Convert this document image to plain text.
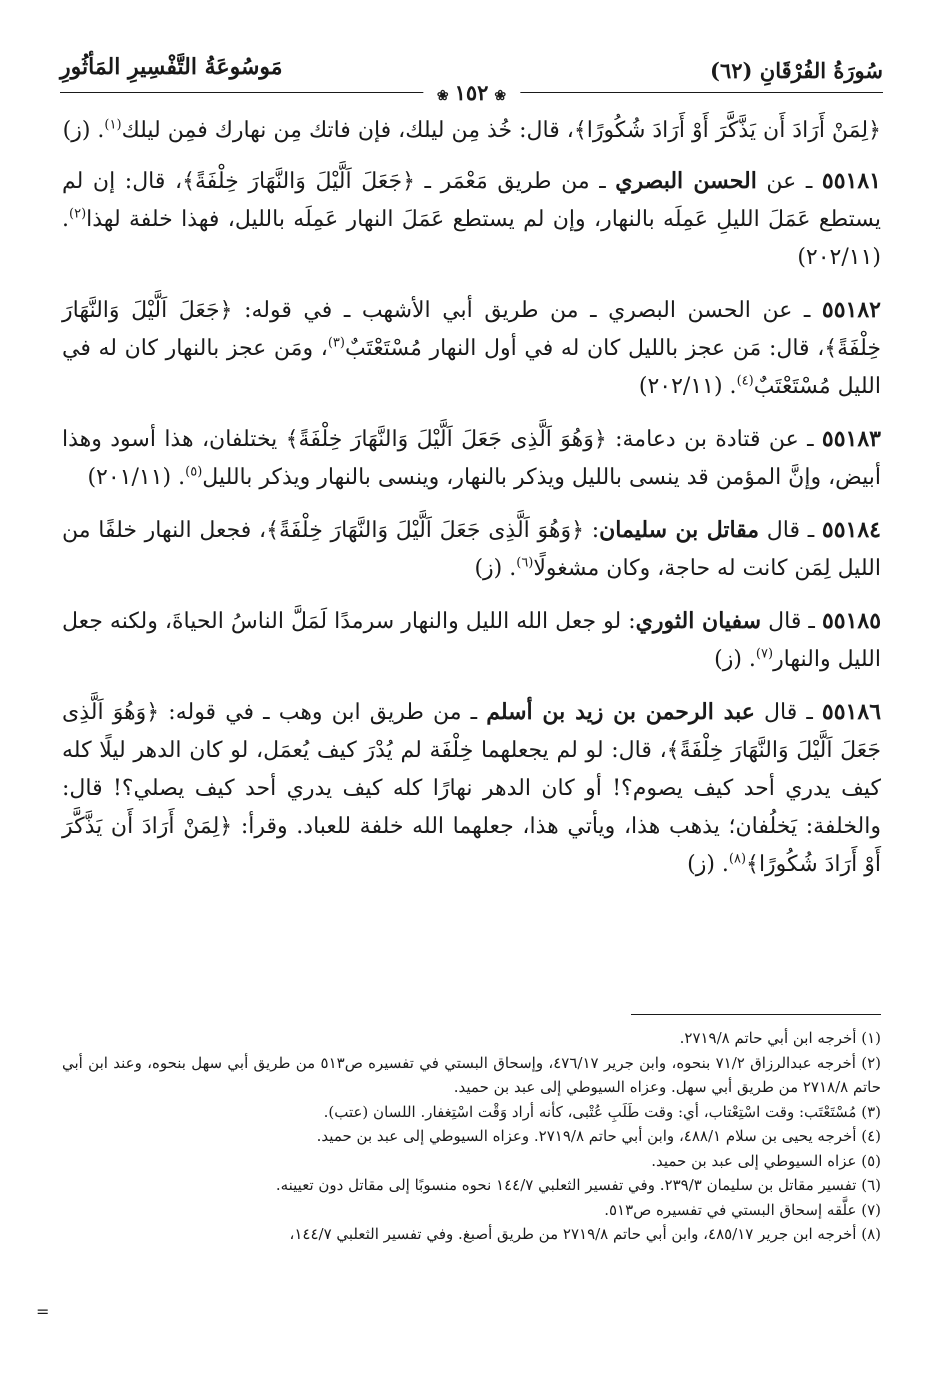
سُورَةُ الفُرْقَانِ (٦٢)
مَوسُوعَةُ التَّفْسِيرِ المَأثُورِ
❀ ١٥٢ ❀

﴿لِمَنْ أَرَادَ أَن يَذَّكَّرَ أَوْ أَرَادَ شُكُورًا﴾، قال: خُذ مِن ليلك، فإن فاتك مِن نهارك فمِن ليلك$^{(١)}$. (ز)

٥٥١٨١ ـ عن الحسن البصري ـ من طريق مَعْمَر ـ ﴿جَعَلَ اَلَّيْلَ وَالنَّهَارَ خِلْفَةً﴾، قال: إن لم يستطع عَمَلَ الليلِ عَمِلَه بالنهار، وإن لم يستطع عَمَلَ النهار عَمِلَه بالليل، فهذا خلفة لهذا$^{(٢)}$. (٢٠٢/١١)

٥٥١٨٢ ـ عن الحسن البصري ـ من طريق أبي الأشهب ـ في قوله: ﴿جَعَلَ اَلَّيْلَ وَالنَّهَارَ خِلْفَةً﴾، قال: مَن عجز بالليل كان له في أول النهار مُسْتَعْتَبٌ$^{(٣)}$، ومَن عجز بالنهار كان له في الليل مُسْتَعْتَبٌ$^{(٤)}$. (٢٠٢/١١)

٥٥١٨٣ ـ عن قتادة بن دعامة: ﴿وَهُوَ اَلَّذِى جَعَلَ اَلَّيْلَ وَالنَّهَارَ خِلْفَةً﴾ يختلفان، هذا أسود وهذا أبيض، وإنَّ المؤمن قد ينسى بالليل ويذكر بالنهار، وينسى بالنهار ويذكر بالليل$^{(٥)}$. (٢٠١/١١)

٥٥١٨٤ ـ قال مقاتل بن سليمان: ﴿وَهُوَ اَلَّذِى جَعَلَ اَلَّيْلَ وَالنَّهَارَ خِلْفَةً﴾، فجعل النهار خلفًا من الليل لِمَن كانت له حاجة، وكان مشغولًا$^{(٦)}$. (ز)

٥٥١٨٥ ـ قال سفيان الثوري: لو جعل الله الليل والنهار سرمدًا لَمَلَّ الناسُ الحياةَ، ولكنه جعل الليل والنهار$^{(٧)}$. (ز)

٥٥١٨٦ ـ قال عبد الرحمن بن زيد بن أسلم ـ من طريق ابن وهب ـ في قوله: ﴿وَهُوَ اَلَّذِى جَعَلَ اَلَّيْلَ وَالنَّهَارَ خِلْفَةً﴾، قال: لو لم يجعلهما خِلْفَة لم يُدْرَ كيف يُعمَل، لو كان الدهر ليلًا كله كيف يدري أحد كيف يصوم؟! أو كان الدهر نهارًا كله كيف يدري أحد كيف يصلي؟! قال: والخلفة: يَخلُفان؛ يذهب هذا، ويأتي هذا، جعلهما الله خلفة للعباد. وقرأ: ﴿لِمَنْ أَرَادَ أَن يَذَّكَّرَ أَوْ أَرَادَ شُكُورًا﴾$^{(٨)}$. (ز)

(١) أخرجه ابن أبي حاتم ٢٧١٩/٨.

(٢) أخرجه عبدالرزاق ٧١/٢ بنحوه، وابن جرير ٤٧٦/١٧، وإسحاق البستي في تفسيره ص٥١٣ من طريق أبي سهل بنحوه، وعند ابن أبي حاتم ٢٧١٨/٨ من طريق أبي سهل. وعزاه السيوطي إلى عبد بن حميد.

(٣) مُسْتَعْتَب: وقت اسْتِعْتاب، أي: وقت طَلَبِ عُتْبى، كأنه أراد وَقْت اسْتِغفار. اللسان (عتب).

(٤) أخرجه يحيى بن سلام ٤٨٨/١، وابن أبي حاتم ٢٧١٩/٨. وعزاه السيوطي إلى عبد بن حميد.

(٥) عزاه السيوطي إلى عبد بن حميد.

(٦) تفسير مقاتل بن سليمان ٢٣٩/٣. وفي تفسير الثعلبي ١٤٤/٧ نحوه منسوبًا إلى مقاتل دون تعيينه.

(٧) علَّقه إسحاق البستي في تفسيره ص٥١٣.

(٨) أخرجه ابن جرير ٤٨٥/١٧، وابن أبي حاتم ٢٧١٩/٨ من طريق أصبغ. وفي تفسير الثعلبي ١٤٤/٧،

=
